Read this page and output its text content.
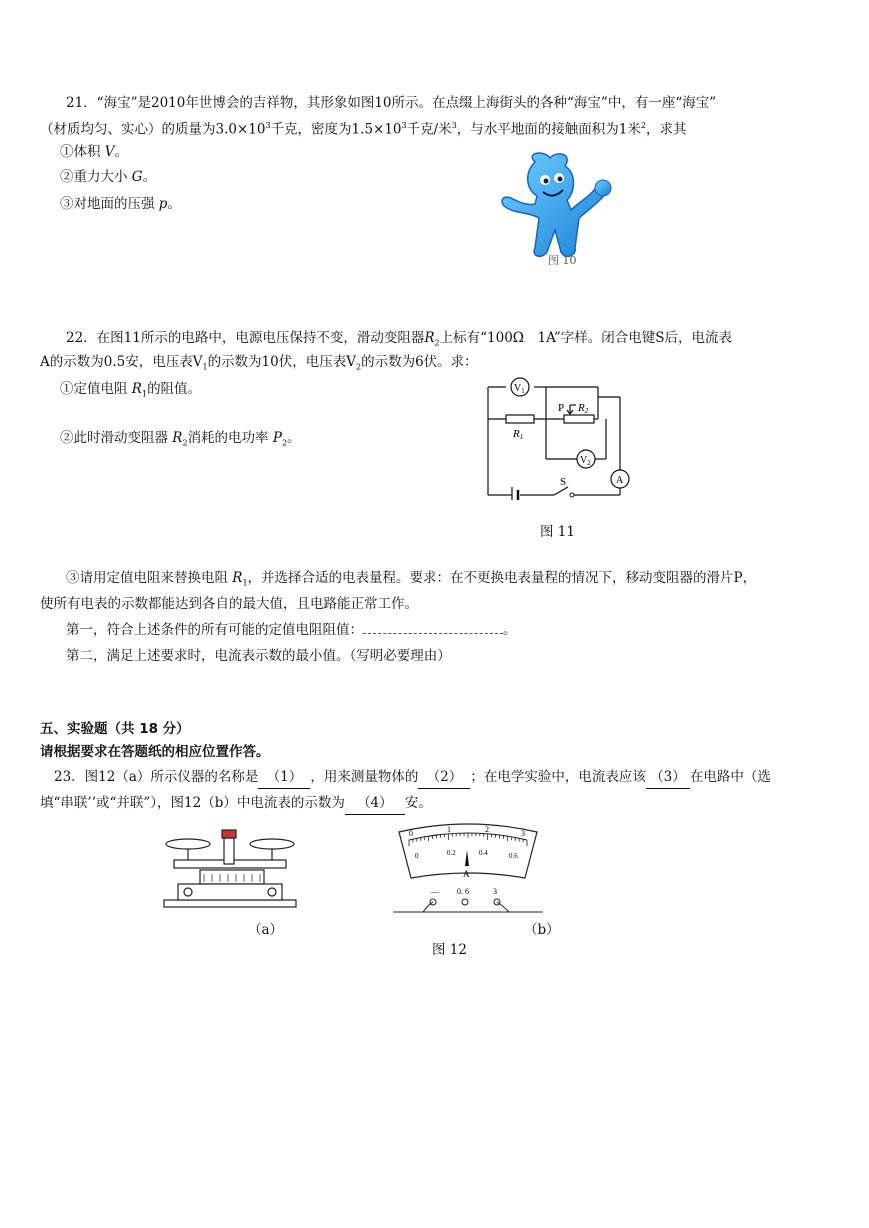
21．“海宝”是2010年世博会的吉祥物，其形象如图10所示。在点缀上海街头的各种“海宝”中，有一座“海宝”
（材质均匀、实心）的质量为$3.0\times 10^3$千克，密度为$1.5\times 10^3$千克/米$^3$，与水平地面的接触面积为1米$^2$，求其
①体积 V。
②重力大小 G。
③对地面的压强 p。
图 10
22．在图11所示的电路中，电源电压保持不变，滑动变阻器$R_2$上标有“100Ω　1A”字样。闭合电键S后，电流表
A的示数为0.5安，电压表$V_1$的示数为10伏，电压表$V_2$的示数为6伏。求：
①定值电阻 $R_1$的阻值。
②此时滑动变阻器 $R_2$消耗的电功率 $P_2$。
$V_1$
$V_2$
A
P R2
R1
S
图 11
③请用定值电阻来替换电阻 $R_1$，并选择合适的电表量程。要求：在不更换电表量程的情况下，移动变阻器的滑片P，
使所有电表的示数都能达到各自的最大值，且电路能正常工作。
第一，符合上述条件的所有可能的定值电阻阻值：	。
第二，满足上述要求时，电流表示数的最小值。（写明必要理由）
五、实验题（共 18 分）
请根据要求在答题纸的相应位置作答。
23．图12（a）所示仪器的名称是 （1） ，用来测量物体的 （2） ；在电学实验中，电流表应该 （3） 在电路中（选
填“串联’’或“并联”），图12（b）中电流表的示数为 （4） 安。
（a）
0	1	2	3
0	0.2	0.4	0.6
A
— 0. 6	3
（b）
图 12
